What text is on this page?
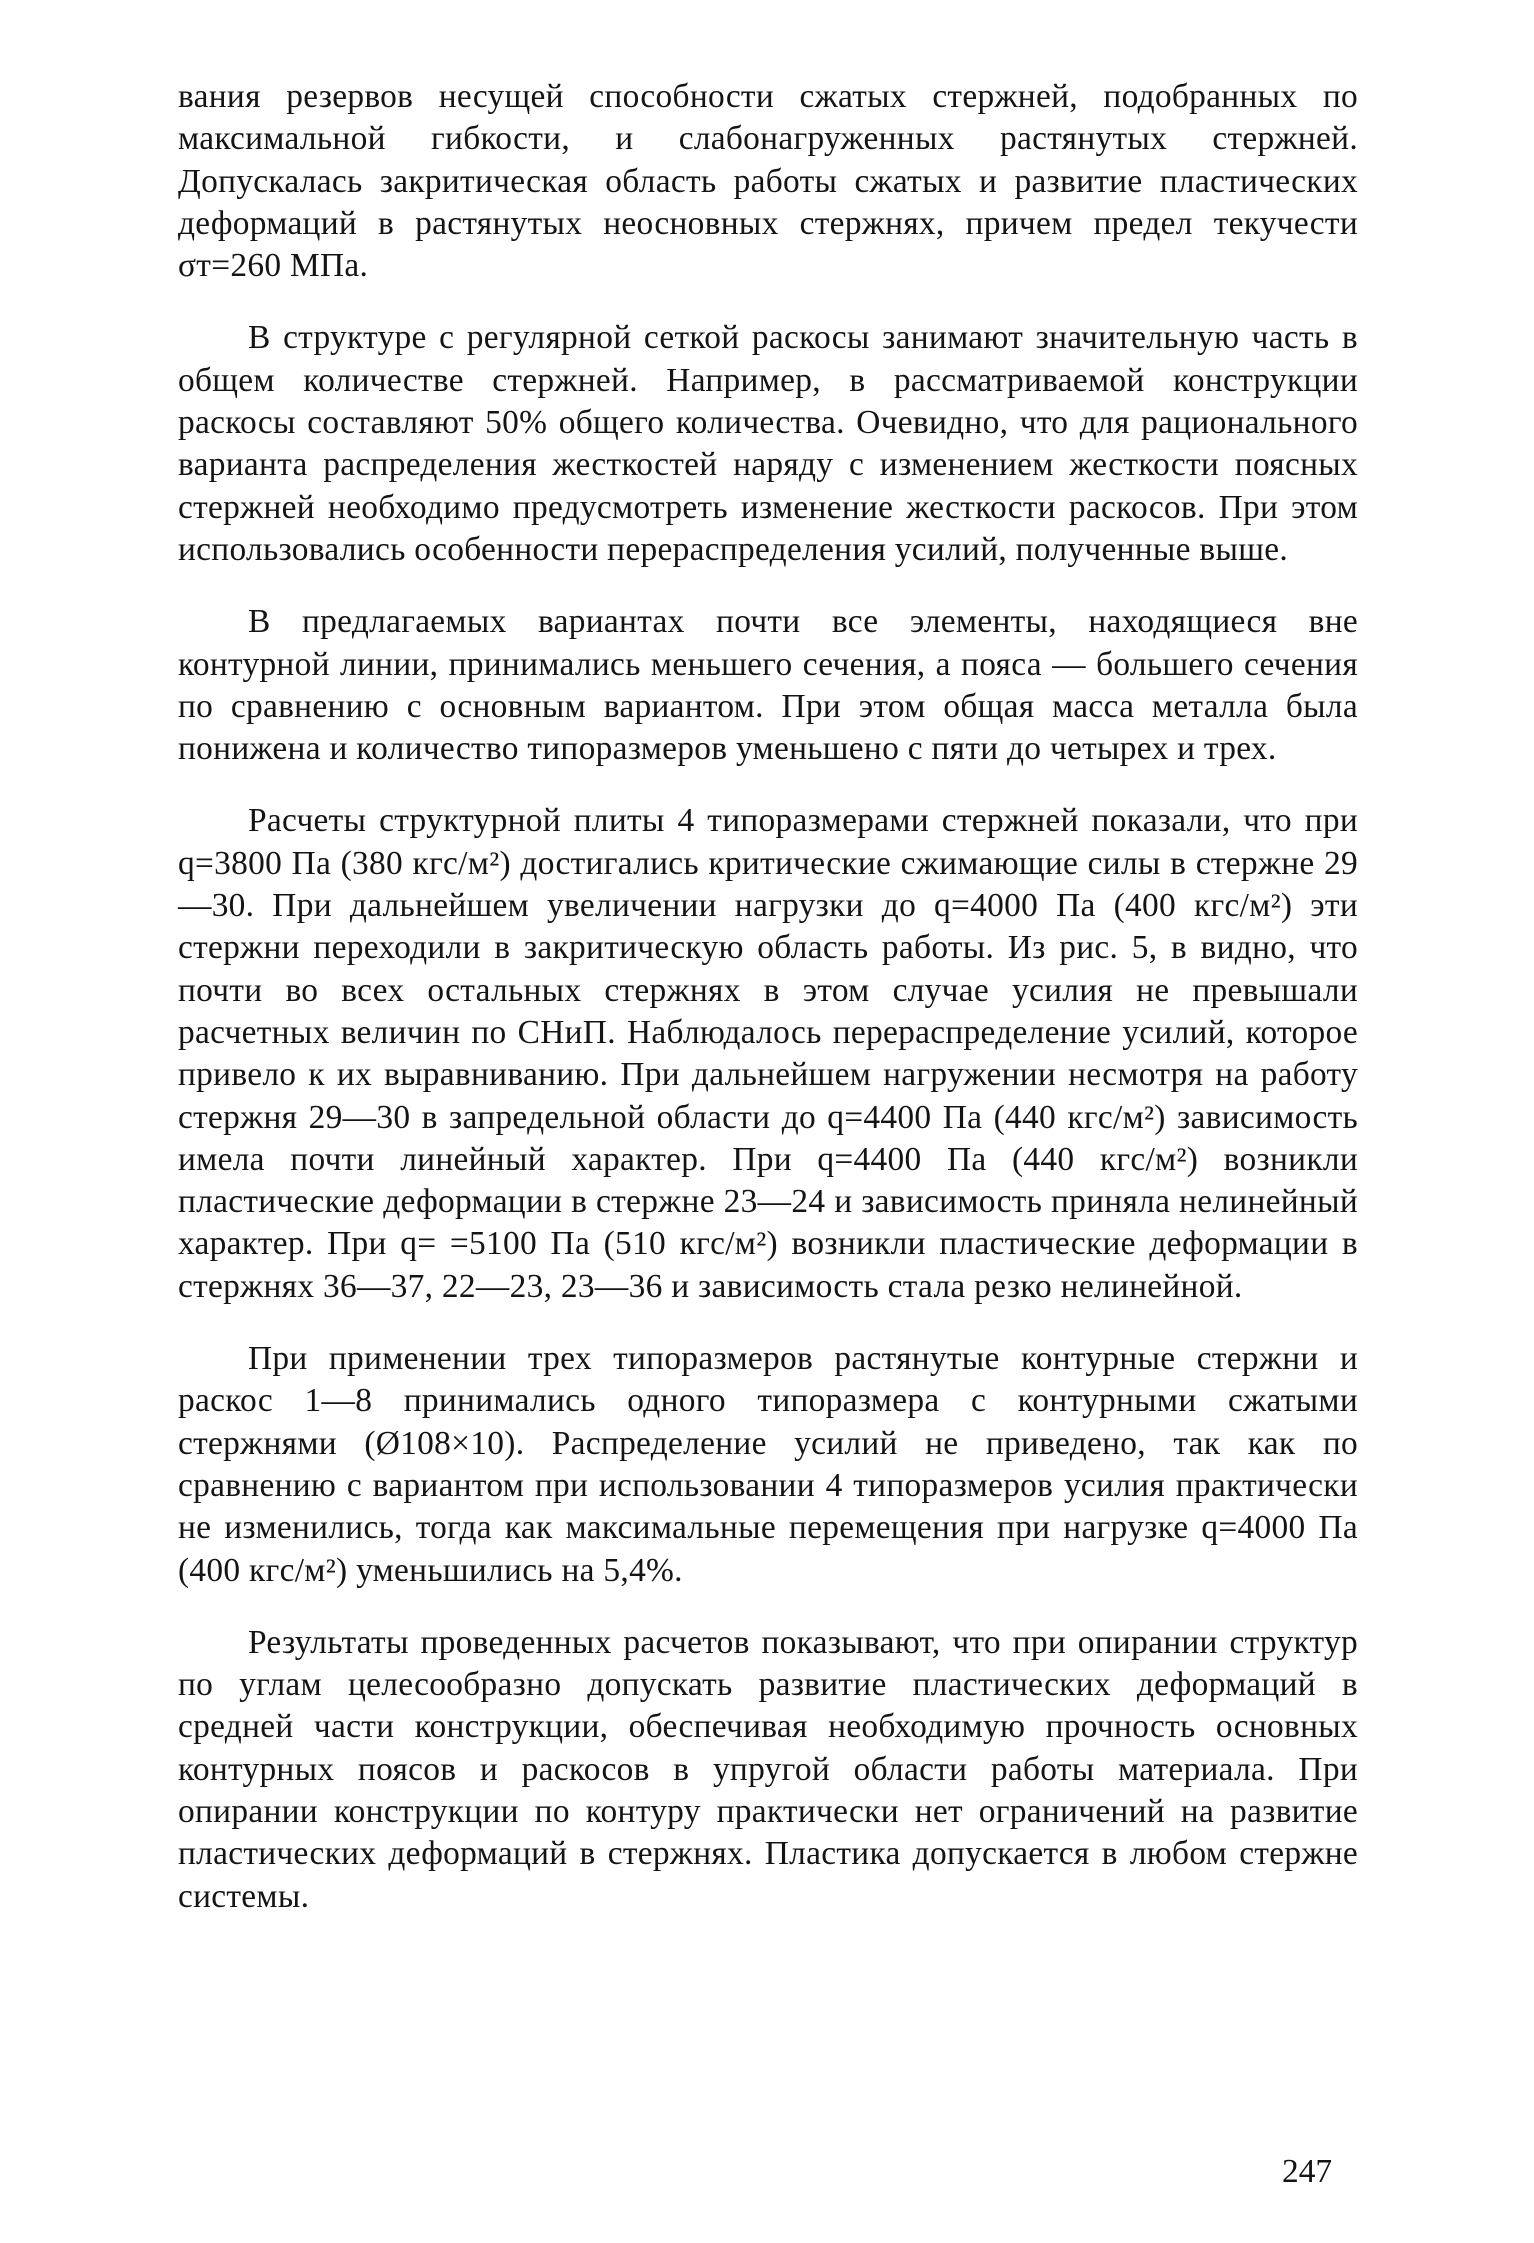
вания резервов несущей способности сжатых стержней, подобранных по максимальной гибкости, и слабонагруженных растянутых стержней. Допускалась закритическая область работы сжатых и развитие пластических деформаций в растянутых неосновных стержнях, причем предел текучести σт=260 МПа.

В структуре с регулярной сеткой раскосы занимают значительную часть в общем количестве стержней. Например, в рассматриваемой конструкции раскосы составляют 50% общего количества. Очевидно, что для рационального варианта распределения жесткостей наряду с изменением жесткости поясных стержней необходимо предусмотреть изменение жесткости раскосов. При этом использовались особенности перераспределения усилий, полученные выше.

В предлагаемых вариантах почти все элементы, находящиеся вне контурной линии, принимались меньшего сечения, а пояса — большего сечения по сравнению с основным вариантом. При этом общая масса металла была понижена и количество типоразмеров уменьшено с пяти до четырех и трех.

Расчеты структурной плиты 4 типоразмерами стержней показали, что при q=3800 Па (380 кгс/м²) достигались критические сжимающие силы в стержне 29—30. При дальнейшем увеличении нагрузки до q=4000 Па (400 кгс/м²) эти стержни переходили в закритическую область работы. Из рис. 5, в видно, что почти во всех остальных стержнях в этом случае усилия не превышали расчетных величин по СНиП. Наблюдалось перераспределение усилий, которое привело к их выравниванию. При дальнейшем нагружении несмотря на работу стержня 29—30 в запредельной области до q=4400 Па (440 кгс/м²) зависимость имела почти линейный характер. При q=4400 Па (440 кгс/м²) возникли пластические деформации в стержне 23—24 и зависимость приняла нелинейный характер. При q= =5100 Па (510 кгс/м²) возникли пластические деформации в стержнях 36—37, 22—23, 23—36 и зависимость стала резко нелинейной.

При применении трех типоразмеров растянутые контурные стержни и раскос 1—8 принимались одного типоразмера с контурными сжатыми стержнями (Ø108×10). Распределение усилий не приведено, так как по сравнению с вариантом при использовании 4 типоразмеров усилия практически не изменились, тогда как максимальные перемещения при нагрузке q=4000 Па (400 кгс/м²) уменьшились на 5,4%.

Результаты проведенных расчетов показывают, что при опирании структур по углам целесообразно допускать развитие пластических деформаций в средней части конструкции, обеспечивая необходимую прочность основных контурных поясов и раскосов в упругой области работы материала. При опирании конструкции по контуру практически нет ограничений на развитие пластических деформаций в стержнях. Пластика допускается в любом стержне системы.

247
